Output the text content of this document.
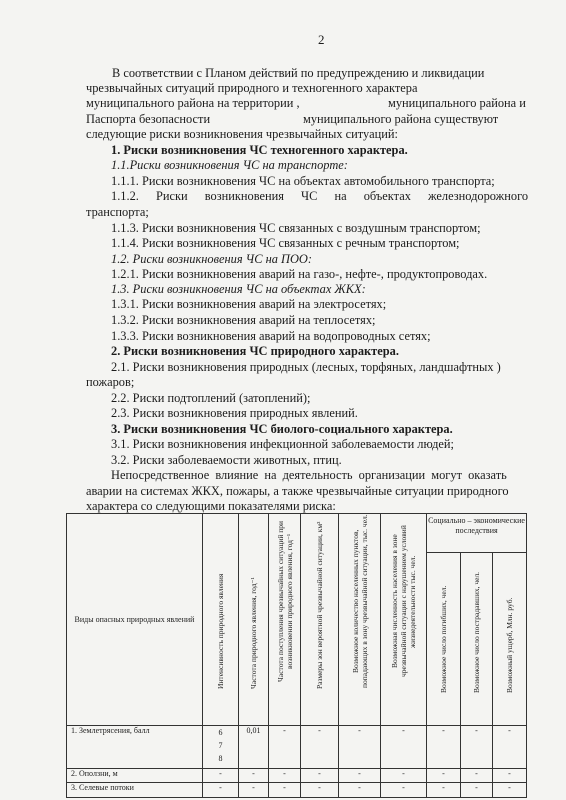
2
В соответствии с Планом действий по предупреждению и ликвидации
чрезвычайных ситуаций природного и техногенного характера
муниципального района на территории ,	муниципального района и
Паспорта безопасности	муниципального района существуют
следующие риски возникновения чрезвычайных ситуаций:
1. Риски возникновения ЧС техногенного характера.
1.1.Риски возникновения ЧС на транспорте:
1.1.1. Риски возникновения ЧС на объектах автомобильного транспорта;
1.1.2. Риски возникновения ЧС на объектах железнодорожного
транспорта;
1.1.3. Риски возникновения ЧС связанных с воздушным транспортом;
1.1.4. Риски возникновения ЧС связанных с речным транспортом;
1.2. Риски возникновения ЧС на ПОО:
1.2.1. Риски возникновения аварий на газо-, нефте-, продуктопроводах.
1.3. Риски возникновения ЧС на объектах ЖКХ:
1.3.1. Риски возникновения аварий на электросетях;
1.3.2. Риски возникновения аварий на теплосетях;
1.3.3. Риски возникновения аварий на водопроводных сетях;
2. Риски возникновения ЧС природного характера.
2.1. Риски возникновения природных (лесных, торфяных, ландшафтных )
пожаров;
2.2. Риски подтоплений (затоплений);
2.3. Риски возникновения природных явлений.
3. Риски возникновения ЧС биолого-социального характера.
3.1. Риски возникновения инфекционной заболеваемости людей;
3.2. Риски заболеваемости животных, птиц.
Непосредственное влияние на деятельность организации могут оказать
аварии на системах ЖКХ, пожары, а также чрезвычайные ситуации природного
характера со следующими показателями риска:
Виды опасных природных явлений	Интенсивность природного явления	Частота природного явления, год⁻¹	Частота поступления чрезвычайных ситуаций при возникновении природного явления, год⁻¹	Размеры зон вероятной чрезвычайной ситуации, км²	Возможное количество населенных пунктов, попадающих в зону чрезвычайной ситуации, тыс. чел.	Возможная численность населения в зоне чрезвычайной ситуации с нарушением условий жизнедеятельности тыс. чел.	Социально – экономические последствия		

Возможное число погибших, чел.	Возможное число пострадавших, чел.	Возможный ущерб, Млн. руб.

1. Землетрясения, балл	6
7
8	0,01	-	-	-	-	-	-	-
2. Оползни, м	-	-	-	-	-	-	-	-	-
3. Селевые потоки	-	-	-	-	-	-	-	-	-
